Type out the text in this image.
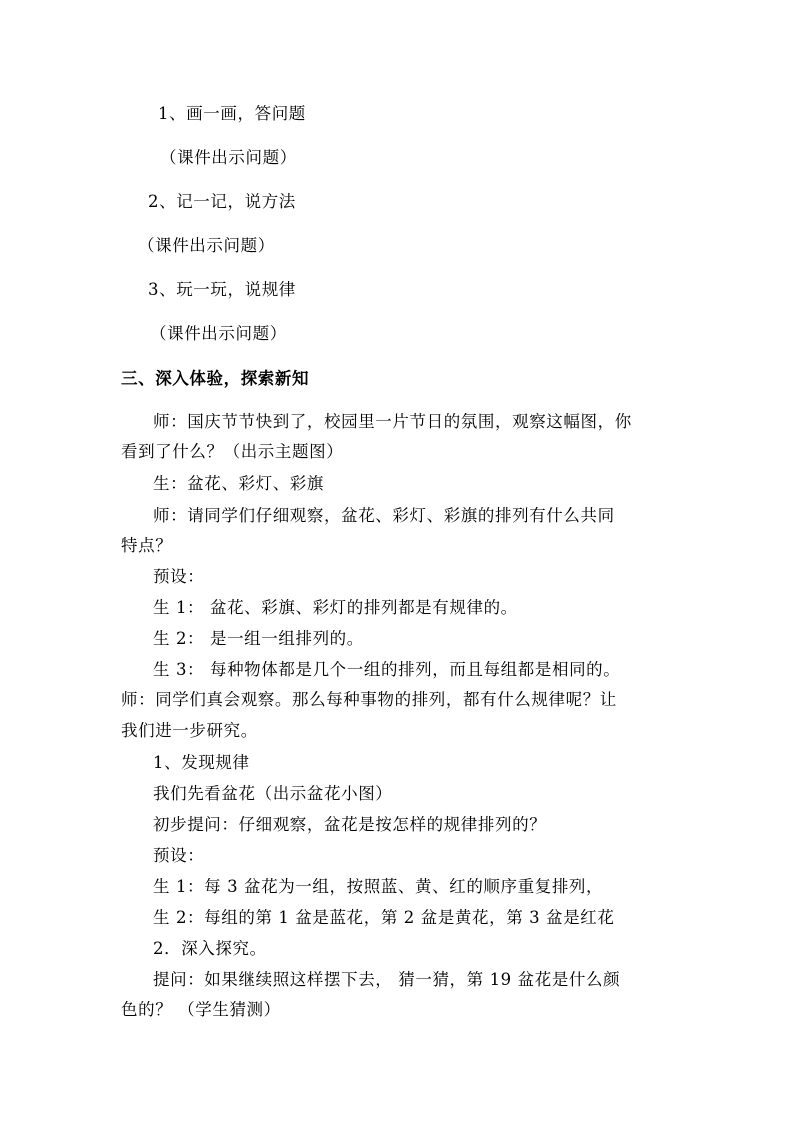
1、画一画，答问题
（课件出示问题）
2、记一记，说方法
（课件出示问题）
3、玩一玩，说规律
（课件出示问题）
三、深入体验，探索新知
师：国庆节节快到了，校园里一片节日的氛围，观察这幅图，你
看到了什么？（出示主题图）
生：盆花、彩灯、彩旗
师：请同学们仔细观察，盆花、彩灯、彩旗的排列有什么共同
特点？
预设：
生 1： 盆花、彩旗、彩灯的排列都是有规律的。
生 2： 是一组一组排列的。
生 3： 每种物体都是几个一组的排列，而且每组都是相同的。
师：同学们真会观察。那么每种事物的排列，都有什么规律呢？让
我们进一步研究。
1、发现规律
我们先看盆花（出示盆花小图）
初步提问：仔细观察，盆花是按怎样的规律排列的？
预设：
生 1：每 3 盆花为一组，按照蓝、黄、红的顺序重复排列，
生 2：每组的第 1 盆是蓝花，第 2 盆是黄花，第 3 盆是红花
2．深入探究。
提问：如果继续照这样摆下去， 猜一猜，第 19 盆花是什么颜
色的？ （学生猜测）
